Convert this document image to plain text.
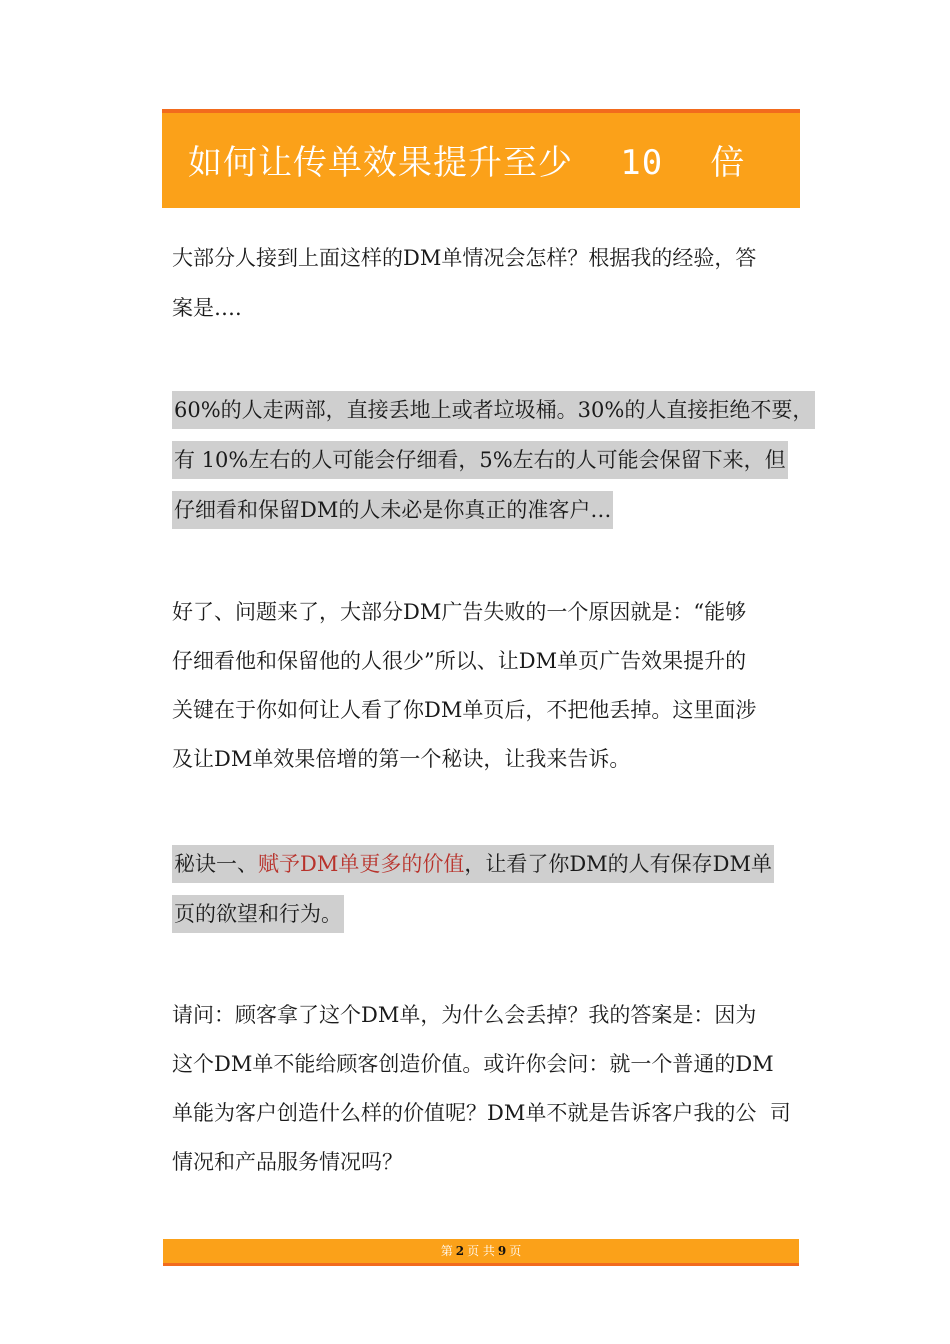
如何让传单效果提升至少 10 倍
大部分人接到上面这样的DM单情况会怎样？根据我的经验，答
案是….
60%的人走两部，直接丢地上或者垃圾桶。30%的人直接拒绝不要，
有 10%左右的人可能会仔细看，5%左右的人可能会保留下来，但
仔细看和保留DM的人未必是你真正的准客户…
好了、问题来了，大部分DM广告失败的一个原因就是：“能够
仔细看他和保留他的人很少”所以、让DM单页广告效果提升的
关键在于你如何让人看了你DM单页后，不把他丢掉。这里面涉
及让DM单效果倍增的第一个秘诀，让我来告诉。
秘诀一、赋予DM单更多的价值，让看了你DM的人有保存DM单
页的欲望和行为。
请问：顾客拿了这个DM单，为什么会丢掉？我的答案是：因为
这个DM单不能给顾客创造价值。或许你会问：就一个普通的DM
单能为客户创造什么样的价值呢？DM单不就是告诉客户我的公  司
情况和产品服务情况吗？
第 2 页 共 9 页
